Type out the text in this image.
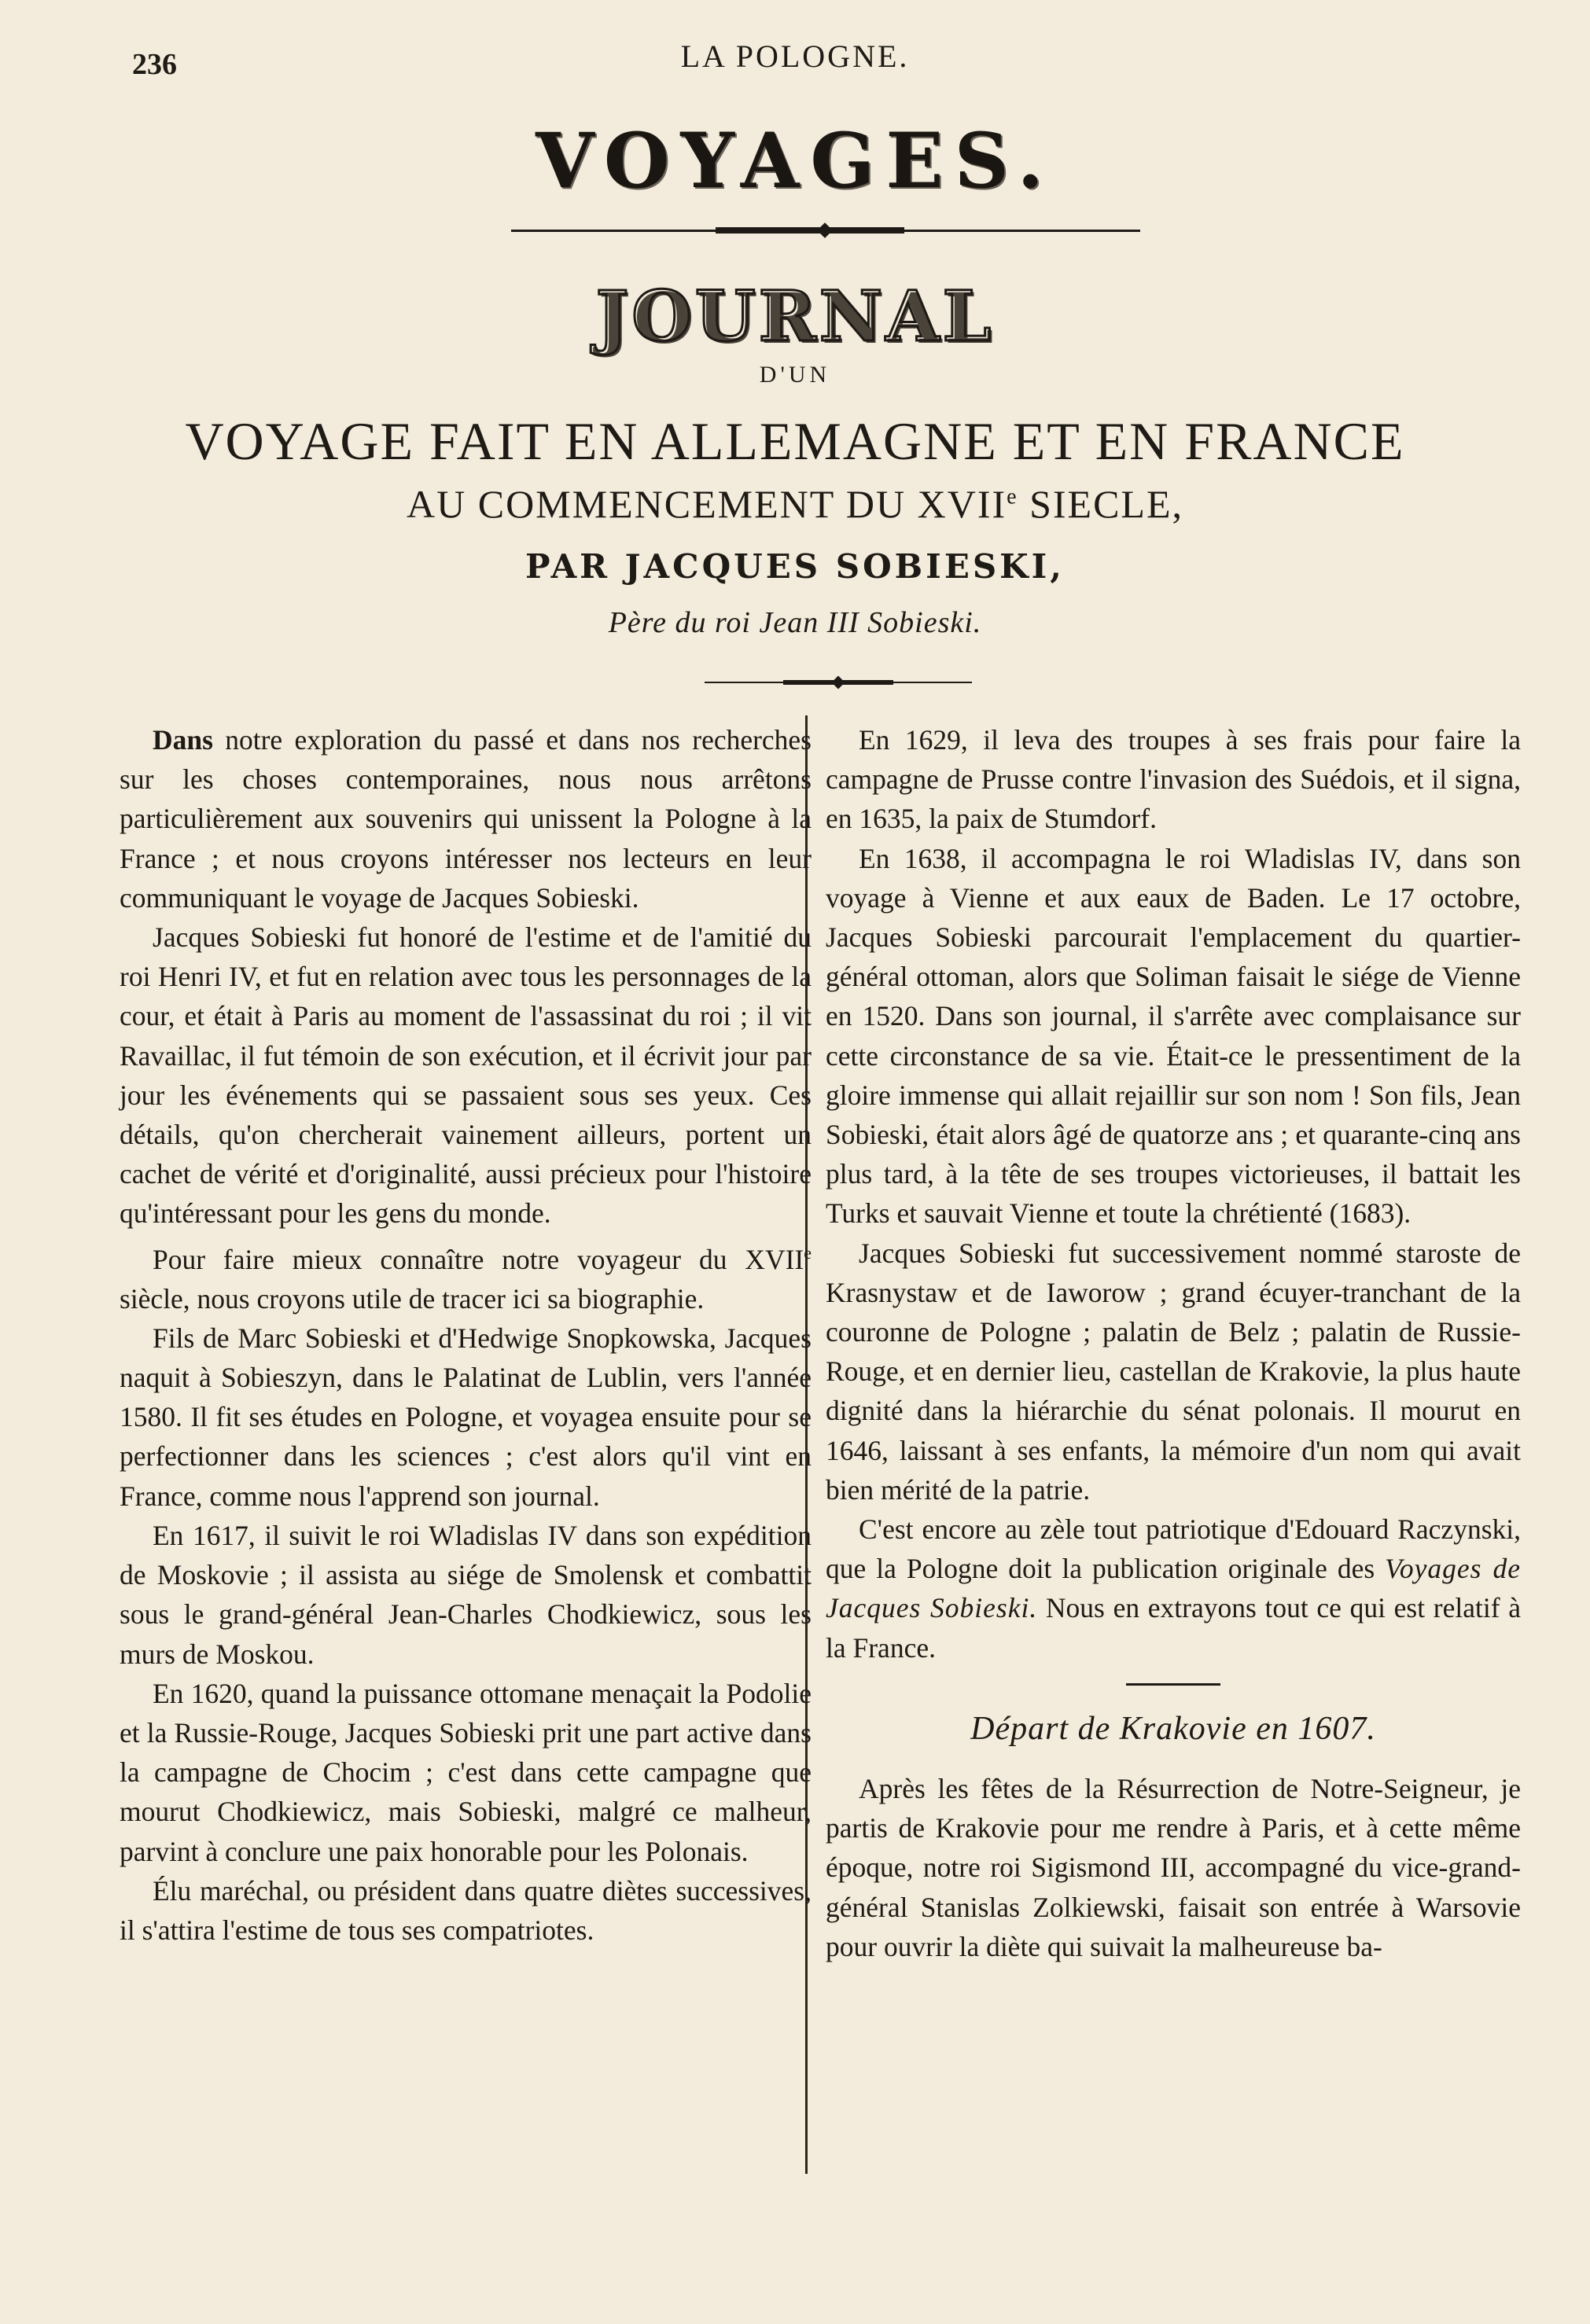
236	LA POLOGNE.
VOYAGES.
JOURNAL
D'UN
VOYAGE FAIT EN ALLEMAGNE ET EN FRANCE
AU COMMENCEMENT DU XVIIe SIECLE,
PAR JACQUES SOBIESKI,
Père du roi Jean III Sobieski.

Dans notre exploration du passé et dans nos recherches sur les choses contemporaines, nous nous arrêtons particulièrement aux souvenirs qui unissent la Pologne à la France ; et nous croyons intéresser nos lecteurs en leur communiquant le voyage de Jacques Sobieski.

Jacques Sobieski fut honoré de l'estime et de l'amitié du roi Henri IV, et fut en relation avec tous les personnages de la cour, et était à Paris au moment de l'assassinat du roi ; il vit Ravaillac, il fut témoin de son exécution, et il écrivit jour par jour les événements qui se passaient sous ses yeux. Ces détails, qu'on chercherait vainement ailleurs, portent un cachet de vérité et d'originalité, aussi précieux pour l'histoire qu'intéressant pour les gens du monde.

Pour faire mieux connaître notre voyageur du XVIIe siècle, nous croyons utile de tracer ici sa biographie.

Fils de Marc Sobieski et d'Hedwige Snopkowska, Jacques naquit à Sobieszyn, dans le Palatinat de Lublin, vers l'année 1580. Il fit ses études en Pologne, et voyagea ensuite pour se perfectionner dans les sciences ; c'est alors qu'il vint en France, comme nous l'apprend son journal.

En 1617, il suivit le roi Wladislas IV dans son expédition de Moskovie ; il assista au siége de Smolensk et combattit sous le grand-général Jean-Charles Chodkiewicz, sous les murs de Moskou.

En 1620, quand la puissance ottomane menaçait la Podolie et la Russie-Rouge, Jacques Sobieski prit une part active dans la campagne de Chocim ; c'est dans cette campagne que mourut Chodkiewicz, mais Sobieski, malgré ce malheur, parvint à conclure une paix honorable pour les Polonais.

Élu maréchal, ou président dans quatre diètes successives, il s'attira l'estime de tous ses compatriotes.

En 1629, il leva des troupes à ses frais pour faire la campagne de Prusse contre l'invasion des Suédois, et il signa, en 1635, la paix de Stumdorf.

En 1638, il accompagna le roi Wladislas IV, dans son voyage à Vienne et aux eaux de Baden. Le 17 octobre, Jacques Sobieski parcourait l'emplacement du quartier-général ottoman, alors que Soliman faisait le siége de Vienne en 1520. Dans son journal, il s'arrête avec complaisance sur cette circonstance de sa vie. Était-ce le pressentiment de la gloire immense qui allait rejaillir sur son nom ! Son fils, Jean Sobieski, était alors âgé de quatorze ans ; et quarante-cinq ans plus tard, à la tête de ses troupes victorieuses, il battait les Turks et sauvait Vienne et toute la chrétienté (1683).

Jacques Sobieski fut successivement nommé staroste de Krasnystaw et de Iaworow ; grand écuyer-tranchant de la couronne de Pologne ; palatin de Belz ; palatin de Russie-Rouge, et en dernier lieu, castellan de Krakovie, la plus haute dignité dans la hiérarchie du sénat polonais. Il mourut en 1646, laissant à ses enfants, la mémoire d'un nom qui avait bien mérité de la patrie.

C'est encore au zèle tout patriotique d'Edouard Raczynski, que la Pologne doit la publication originale des Voyages de Jacques Sobieski. Nous en extrayons tout ce qui est relatif à la France.

Départ de Krakovie en 1607.

Après les fêtes de la Résurrection de Notre-Seigneur, je partis de Krakovie pour me rendre à Paris, et à cette même époque, notre roi Sigismond III, accompagné du vice-grand-général Stanislas Zolkiewski, faisait son entrée à Warsovie pour ouvrir la diète qui suivait la malheureuse ba-
